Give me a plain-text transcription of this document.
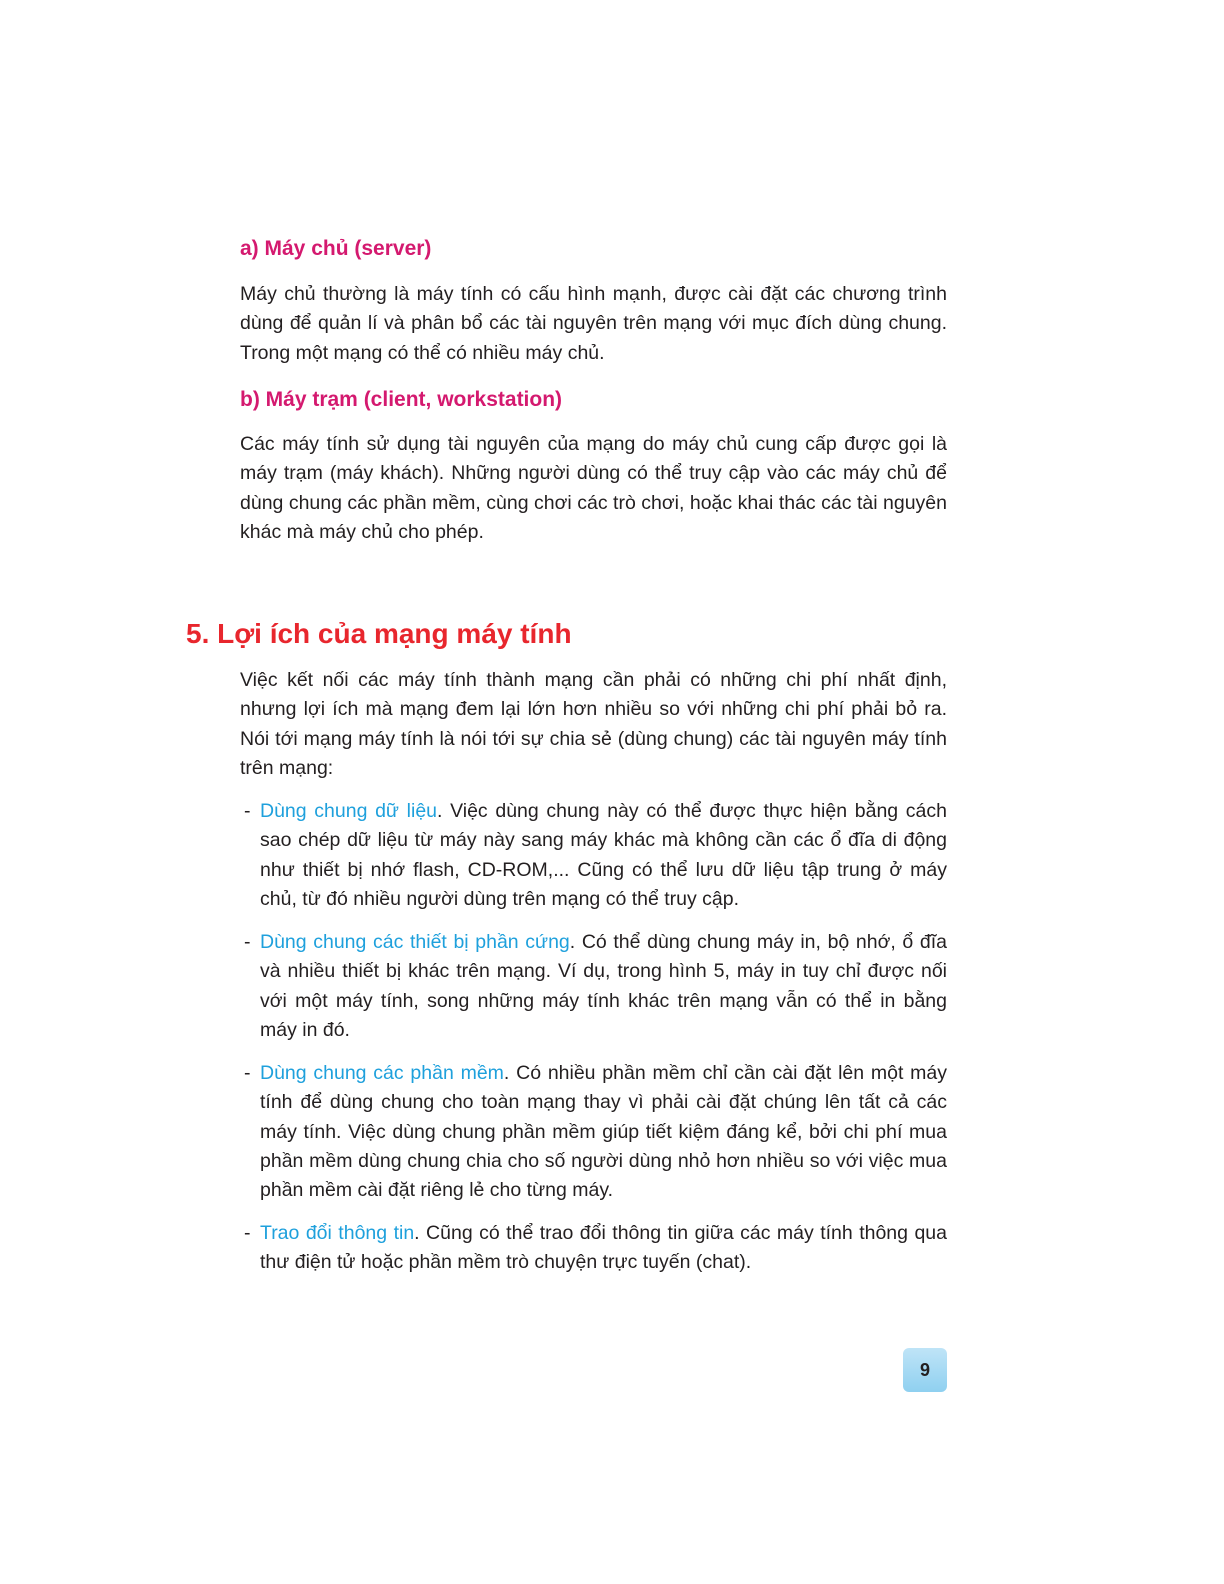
a) Máy chủ (server)

Máy chủ thường là máy tính có cấu hình mạnh, được cài đặt các chương trình dùng để quản lí và phân bổ các tài nguyên trên mạng với mục đích dùng chung. Trong một mạng có thể có nhiều máy chủ.

b) Máy trạm (client, workstation)

Các máy tính sử dụng tài nguyên của mạng do máy chủ cung cấp được gọi là máy trạm (máy khách). Những người dùng có thể truy cập vào các máy chủ để dùng chung các phần mềm, cùng chơi các trò chơi, hoặc khai thác các tài nguyên khác mà máy chủ cho phép.

5. Lợi ích của mạng máy tính

Việc kết nối các máy tính thành mạng cần phải có những chi phí nhất định, nhưng lợi ích mà mạng đem lại lớn hơn nhiều so với những chi phí phải bỏ ra. Nói tới mạng máy tính là nói tới sự chia sẻ (dùng chung) các tài nguyên máy tính trên mạng:

- Dùng chung dữ liệu. Việc dùng chung này có thể được thực hiện bằng cách sao chép dữ liệu từ máy này sang máy khác mà không cần các ổ đĩa di động như thiết bị nhớ flash, CD-ROM,... Cũng có thể lưu dữ liệu tập trung ở máy chủ, từ đó nhiều người dùng trên mạng có thể truy cập.
- Dùng chung các thiết bị phần cứng. Có thể dùng chung máy in, bộ nhớ, ổ đĩa và nhiều thiết bị khác trên mạng. Ví dụ, trong hình 5, máy in tuy chỉ được nối với một máy tính, song những máy tính khác trên mạng vẫn có thể in bằng máy in đó.
- Dùng chung các phần mềm. Có nhiều phần mềm chỉ cần cài đặt lên một máy tính để dùng chung cho toàn mạng thay vì phải cài đặt chúng lên tất cả các máy tính. Việc dùng chung phần mềm giúp tiết kiệm đáng kể, bởi chi phí mua phần mềm dùng chung chia cho số người dùng nhỏ hơn nhiều so với việc mua phần mềm cài đặt riêng lẻ cho từng máy.
- Trao đổi thông tin. Cũng có thể trao đổi thông tin giữa các máy tính thông qua thư điện tử hoặc phần mềm trò chuyện trực tuyến (chat).
9
